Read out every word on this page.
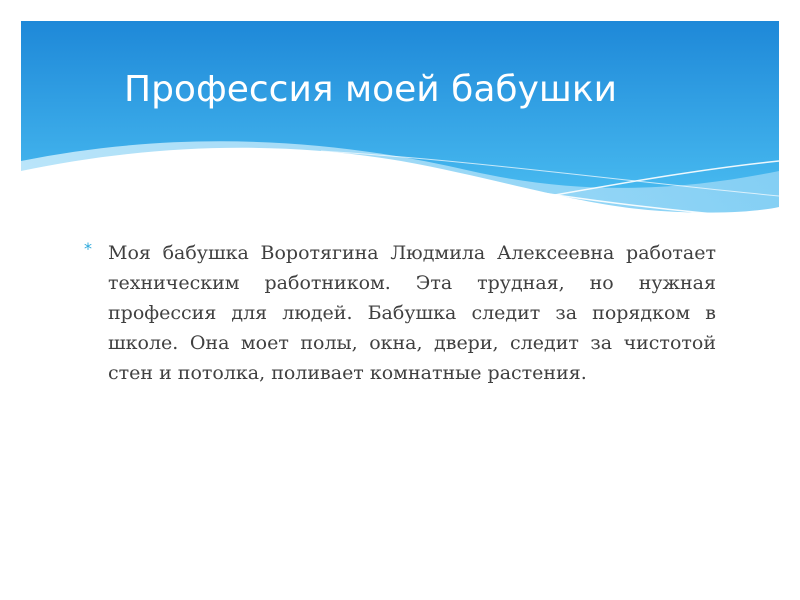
Профессия моей бабушки
* Моя бабушка Воротягина Людмила Алексеевна работает техническим работником. Эта трудная, но нужная профессия для людей. Бабушка следит за порядком в школе. Она моет полы, окна, двери, следит за чистотой стен и потолка, поливает комнатные растения.
